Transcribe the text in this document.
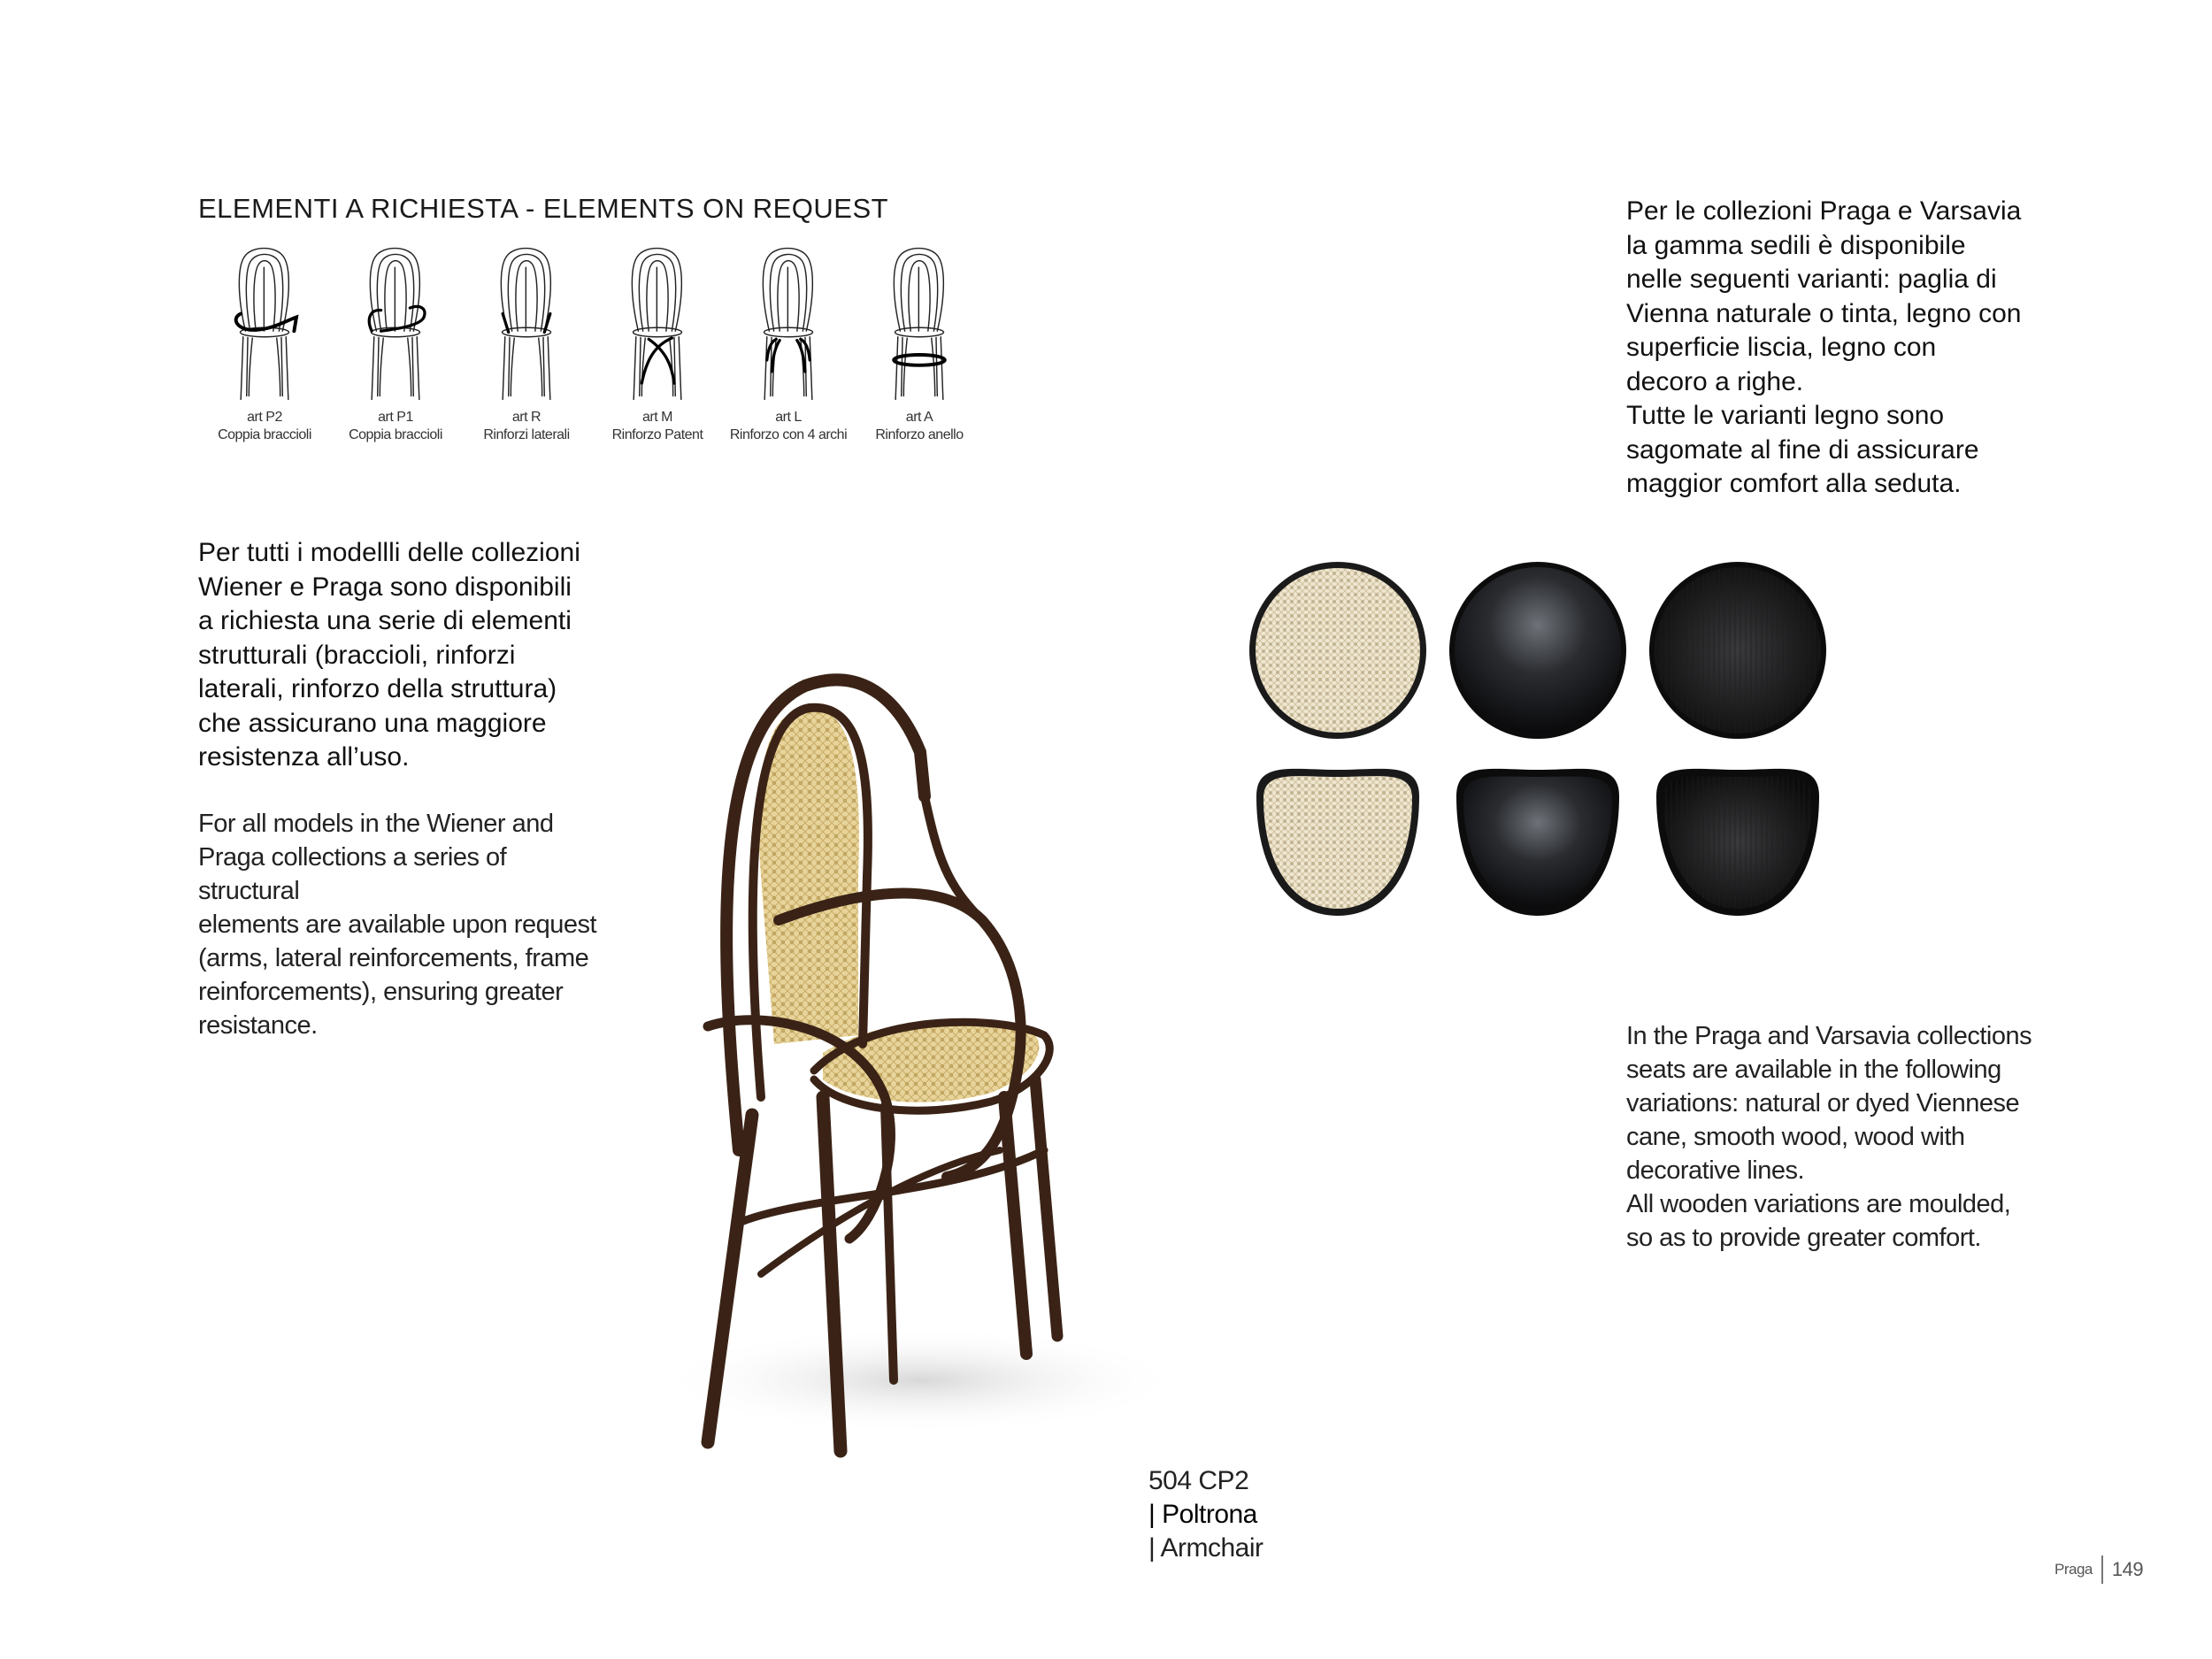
ELEMENTI A RICHIESTA - ELEMENTS ON REQUEST
art P2
Coppia braccioli
art P1
Coppia braccioli
art R
Rinforzi laterali
art M
Rinforzo Patent
art L
Rinforzo con 4 archi
art A
Rinforzo anello
Per tutti i modellli delle collezioni
Wiener e Praga sono disponibili
a richiesta una serie di elementi
strutturali (braccioli, rinforzi
laterali, rinforzo della struttura)
che assicurano una maggiore
resistenza all’uso.
For all models in the Wiener and
Praga collections a series of structural
elements are available upon request
(arms, lateral reinforcements, frame
reinforcements), ensuring greater
resistance.
Per le collezioni Praga e Varsavia
la gamma sedili è disponibile
nelle seguenti varianti: paglia di
Vienna naturale o tinta, legno con
superficie liscia, legno con
decoro a righe.
Tutte le varianti legno sono
sagomate al fine di assicurare
maggior comfort alla seduta.
In the Praga and Varsavia collections
seats are available in the following
variations: natural or dyed Viennese
cane, smooth wood, wood with
decorative lines.
All wooden variations are moulded,
so as to provide greater comfort.
504 CP2
| Poltrona
| Armchair
Praga 149
